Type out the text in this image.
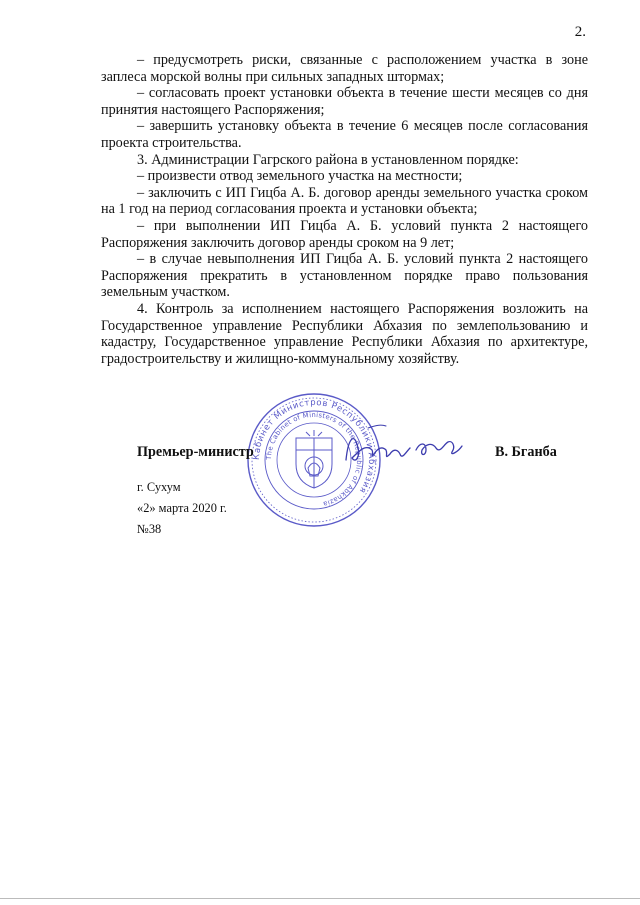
2.

– предусмотреть риски, связанные с расположением участка в зоне заплеса морской волны при сильных западных штормах;

– согласовать проект установки объекта в течение шести месяцев со дня принятия настоящего Распоряжения;

– завершить установку объекта в течение 6 месяцев после согласования проекта строительства.

3. Администрации Гагрского района в установленном порядке:

– произвести отвод земельного участка на местности;

– заключить с ИП Гицба А. Б. договор аренды земельного участка сроком на 1 год на период согласования проекта и установки объекта;

– при выполнении ИП Гицба А. Б. условий пункта 2 настоящего Распоряжения заключить договор аренды сроком на 9 лет;

– в случае невыполнения ИП Гицба А. Б. условий пункта 2 настоящего Распоряжения прекратить в установленном порядке право пользования земельным участком.

4. Контроль за исполнением настоящего Распоряжения возложить на Государственное управление Республики Абхазия по землепользованию и кадастру, Государственное управление Республики Абхазия по архитектуре, градостроительству и жилищно-коммунальному хозяйству.

Кабинет Министров Республики Абхазия
The Cabinet of Ministers of the Republic of Abkhazia
Премьер-министр	В. Бганба
г. Сухум
«2» марта 2020 г.
№38
